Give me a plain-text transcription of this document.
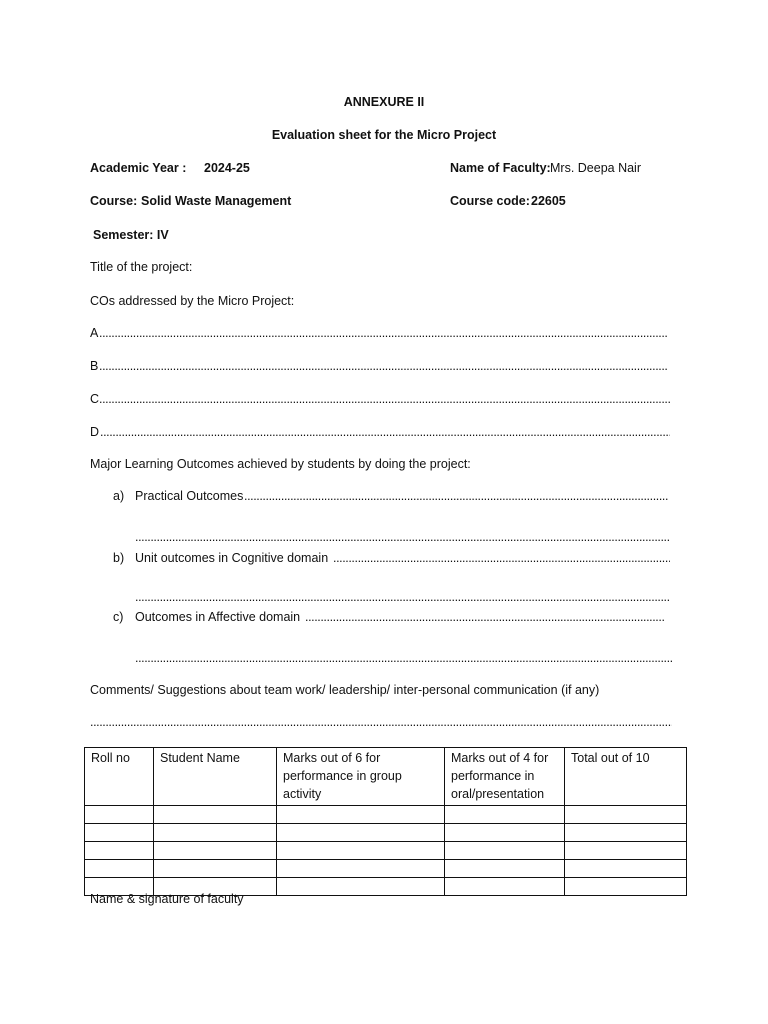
ANNEXURE II
Evaluation sheet for the Micro Project
Academic Year : 2024-25	Name of Faculty: Mrs. Deepa Nair
Course: Solid Waste Management	Course code: 22605
Semester: IV
Title of the project:
COs addressed by the Micro Project:
A
.....
B
.....
C
.....
D
.....
Major Learning Outcomes achieved by students by doing the project:
a) Practical Outcomes
.....
.....
b) Unit outcomes in Cognitive domain
.....
.....
c) Outcomes in Affective domain
.....
.....
Comments/ Suggestions about team work/ leadership/ inter-personal communication (if any)
.....
Roll no	Student Name	Marks out of 6 for performance in group activity	Marks out of 4 for performance in oral/presentation	Total out of 10

Name & signature of faculty
